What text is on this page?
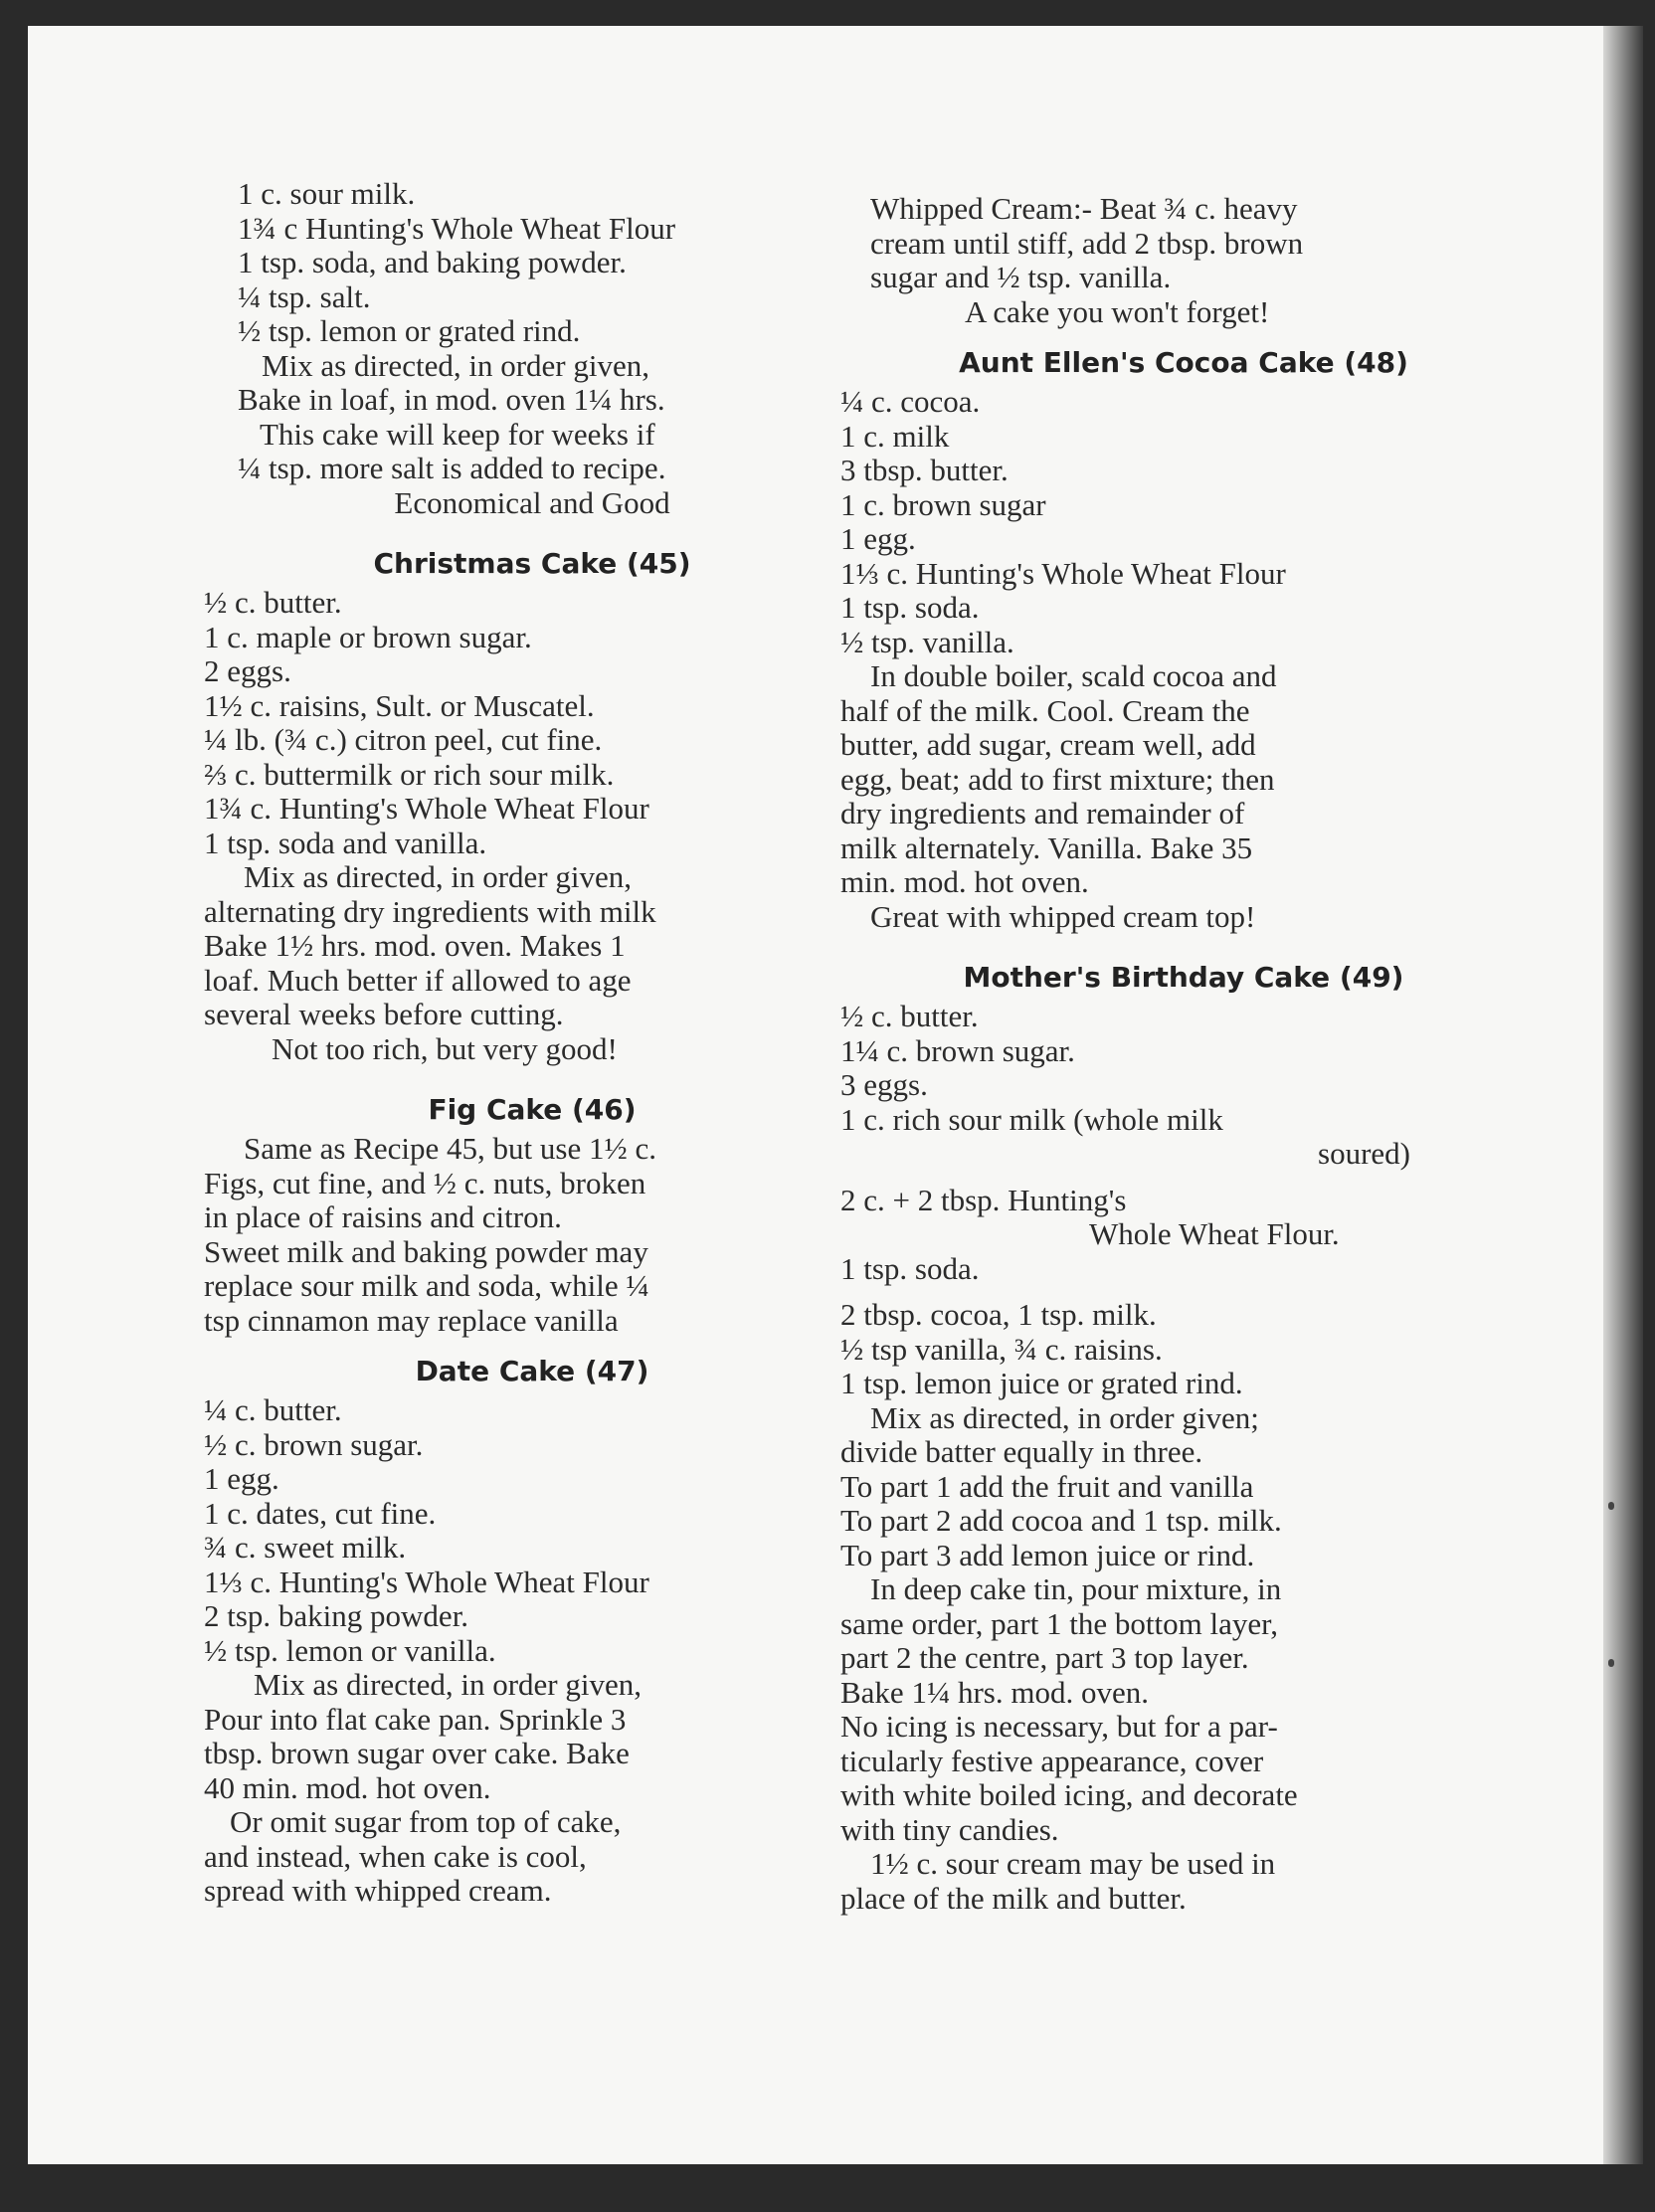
1 c. sour milk.
1¾ c Hunting's Whole Wheat Flour
1 tsp. soda, and baking powder.
¼ tsp. salt.
½ tsp. lemon or grated rind.
Mix as directed, in order given,
Bake in loaf, in mod. oven 1¼ hrs.
This cake will keep for weeks if
¼ tsp. more salt is added to recipe.
Economical and Good
Christmas Cake (45)
½ c. butter.
1 c. maple or brown sugar.
2 eggs.
1½ c. raisins, Sult. or Muscatel.
¼ lb. (¾ c.) citron peel, cut fine.
⅔ c. buttermilk or rich sour milk.
1¾ c. Hunting's Whole Wheat Flour
1 tsp. soda and vanilla.
Mix as directed, in order given,
alternating dry ingredients with milk
Bake 1½ hrs. mod. oven. Makes 1
loaf. Much better if allowed to age
several weeks before cutting.
Not too rich, but very good!
Fig Cake (46)
Same as Recipe 45, but use 1½ c.
Figs, cut fine, and ½ c. nuts, broken
in place of raisins and citron.
Sweet milk and baking powder may
replace sour milk and soda, while ¼
tsp cinnamon may replace vanilla
Date Cake (47)
¼ c. butter.
½ c. brown sugar.
1 egg.
1 c. dates, cut fine.
¾ c. sweet milk.
1⅓ c. Hunting's Whole Wheat Flour
2 tsp. baking powder.
½ tsp. lemon or vanilla.
Mix as directed, in order given,
Pour into flat cake pan. Sprinkle 3
tbsp. brown sugar over cake. Bake
40 min. mod. hot oven.
Or omit sugar from top of cake,
and instead, when cake is cool,
spread with whipped cream.
Whipped Cream:- Beat ¾ c. heavy
cream until stiff, add 2 tbsp. brown
sugar and ½ tsp. vanilla.
A cake you won't forget!
Aunt Ellen's Cocoa Cake (48)
¼ c. cocoa.
1 c. milk
3 tbsp. butter.
1 c. brown sugar
1 egg.
1⅓ c. Hunting's Whole Wheat Flour
1 tsp. soda.
½ tsp. vanilla.
In double boiler, scald cocoa and
half of the milk. Cool. Cream the
butter, add sugar, cream well, add
egg, beat; add to first mixture; then
dry ingredients and remainder of
milk alternately. Vanilla. Bake 35
min. mod. hot oven.
Great with whipped cream top!
Mother's Birthday Cake (49)
½ c. butter.
1¼ c. brown sugar.
3 eggs.
1 c. rich sour milk (whole milk
soured)
2 c. + 2 tbsp. Hunting's
Whole Wheat Flour.
1 tsp. soda.
2 tbsp. cocoa, 1 tsp. milk.
½ tsp vanilla, ¾ c. raisins.
1 tsp. lemon juice or grated rind.
Mix as directed, in order given;
divide batter equally in three.
To part 1 add the fruit and vanilla
To part 2 add cocoa and 1 tsp. milk.
To part 3 add lemon juice or rind.
In deep cake tin, pour mixture, in
same order, part 1 the bottom layer,
part 2 the centre, part 3 top layer.
Bake 1¼ hrs. mod. oven.
No icing is necessary, but for a par-
ticularly festive appearance, cover
with white boiled icing, and decorate
with tiny candies.
1½ c. sour cream may be used in
place of the milk and butter.
